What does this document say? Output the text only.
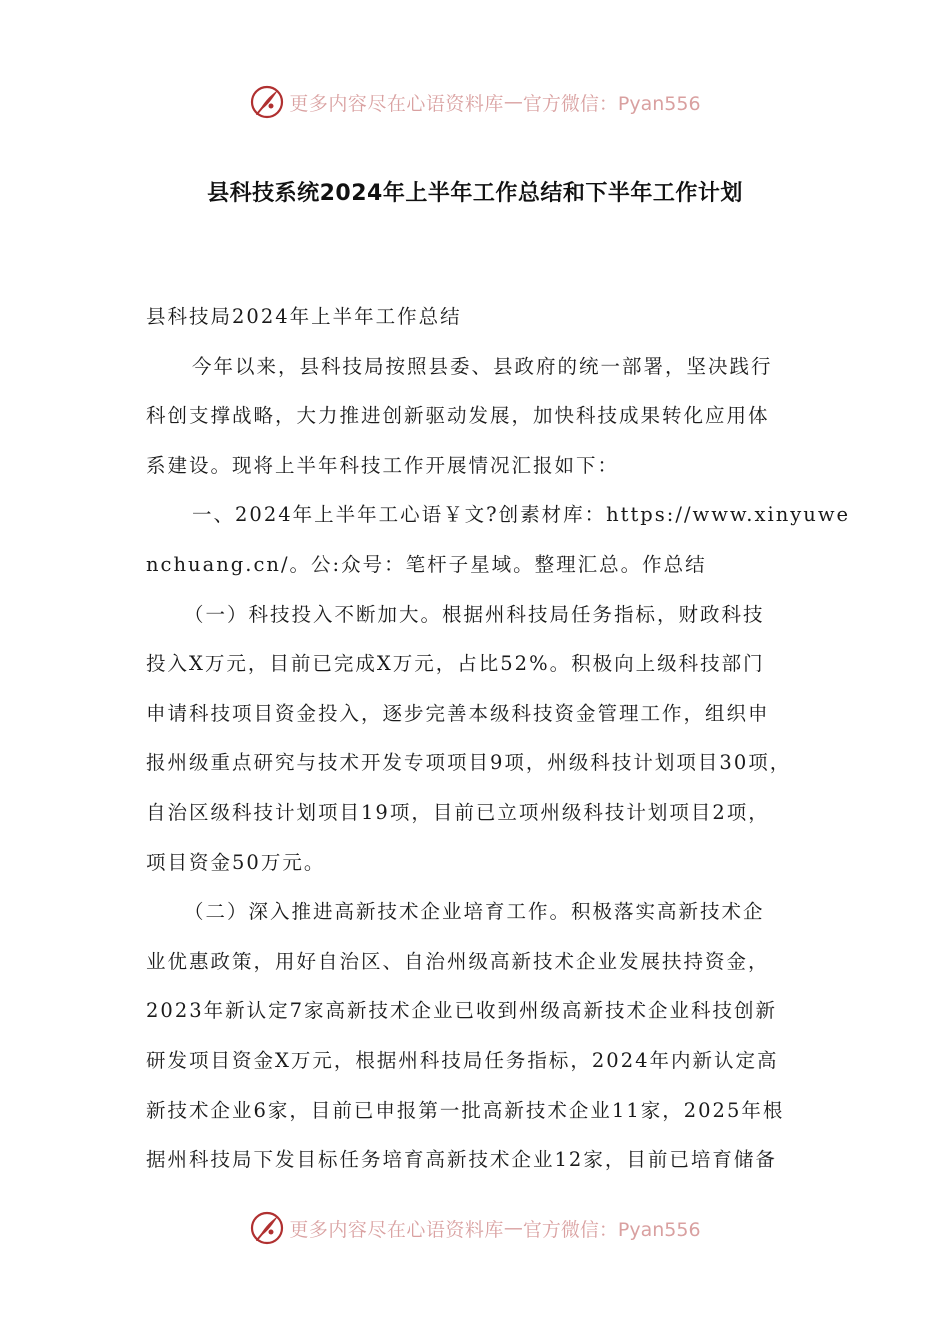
更多内容尽在心语资料库 — 官方微信：Pyan556
县科技系统2024年上半年工作总结和下半年工作计划
县科技局2024年上半年工作总结
今年以来，县科技局按照县委、县政府的统一部署，坚决践行
科创支撑战略，大力推进创新驱动发展，加快科技成果转化应用体
系建设。现将上半年科技工作开展情况汇报如下：
一、2024年上半年工心语￥文?创素材库：https://www.xinyuwe
nchuang.cn/。公:众号：笔杆子星域。整理汇总。作总结
（一）科技投入不断加大。根据州科技局任务指标，财政科技
投入X万元，目前已完成X万元，占比52%。积极向上级科技部门
申请科技项目资金投入，逐步完善本级科技资金管理工作，组织申
报州级重点研究与技术开发专项项目9项，州级科技计划项目30项，
自治区级科技计划项目19项，目前已立项州级科技计划项目2项，
项目资金50万元。
（二）深入推进高新技术企业培育工作。积极落实高新技术企
业优惠政策，用好自治区、自治州级高新技术企业发展扶持资金，
2023年新认定7家高新技术企业已收到州级高新技术企业科技创新
研发项目资金X万元，根据州科技局任务指标，2024年内新认定高
新技术企业6家，目前已申报第一批高新技术企业11家，2025年根
据州科技局下发目标任务培育高新技术企业12家，目前已培育储备
更多内容尽在心语资料库 — 官方微信：Pyan556
